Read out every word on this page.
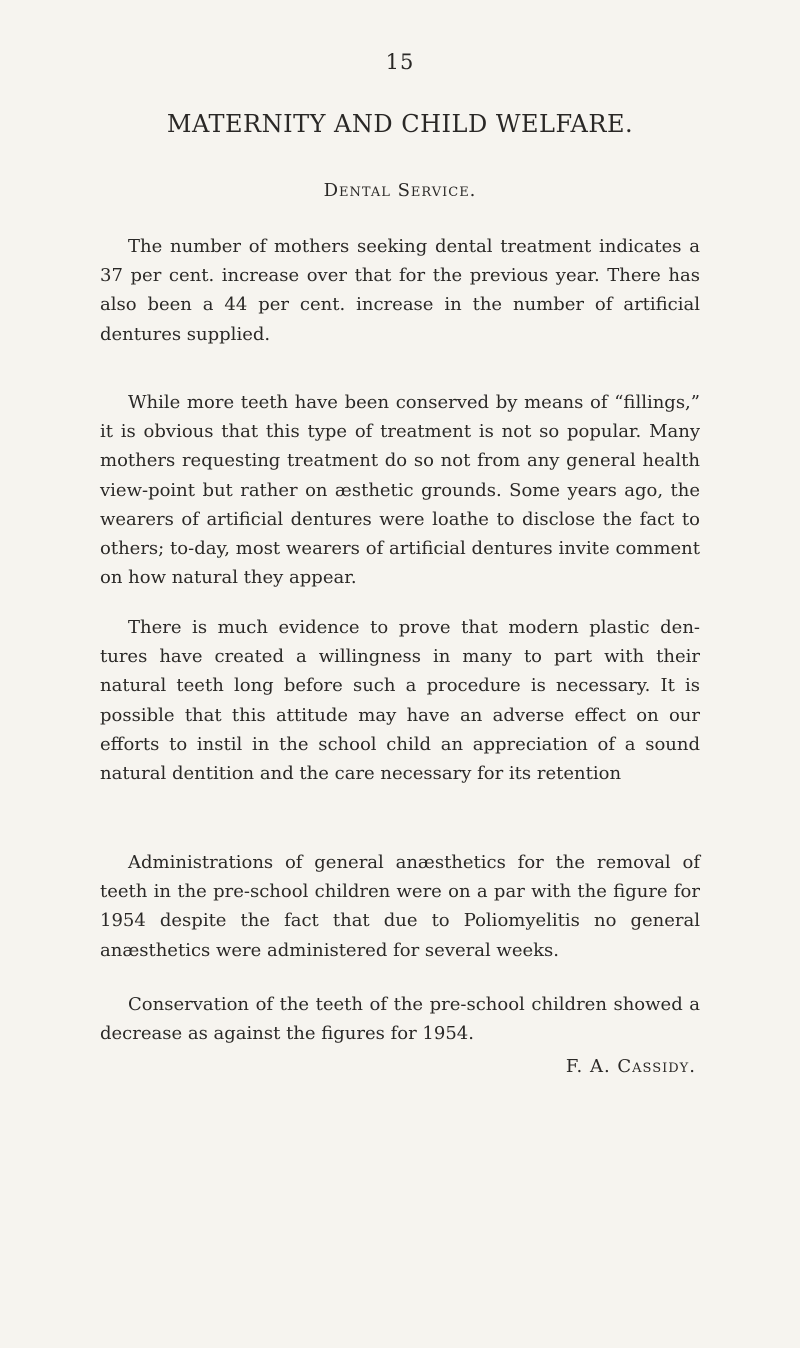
15
MATERNITY AND CHILD WELFARE.
Dental Service.
The number of mothers seeking dental treatment indicates a 37 per cent. increase over that for the previous year. There has also been a 44 per cent. increase in the number of artificial dentures supplied.
While more teeth have been conserved by means of “fillings,” it is obvious that this type of treatment is not so popular. Many mothers requesting treatment do so not from any general health view-point but rather on æsthetic grounds. Some years ago, the wearers of artificial dentures were loathe to disclose the fact to others; to-day, most wearers of artificial dentures invite comment on how natural they appear.
There is much evidence to prove that modern plastic den-tures have created a willingness in many to part with their natural teeth long before such a procedure is necessary. It is possible that this attitude may have an adverse effect on our efforts to instil in the school child an appreciation of a sound natural dentition and the care necessary for its retention
Administrations of general anæsthetics for the removal of teeth in the pre-school children were on a par with the figure for 1954 despite the fact that due to Poliomyelitis no general anæsthetics were administered for several weeks.
Conservation of the teeth of the pre-school children showed a decrease as against the figures for 1954.
F. A. Cassidy.
